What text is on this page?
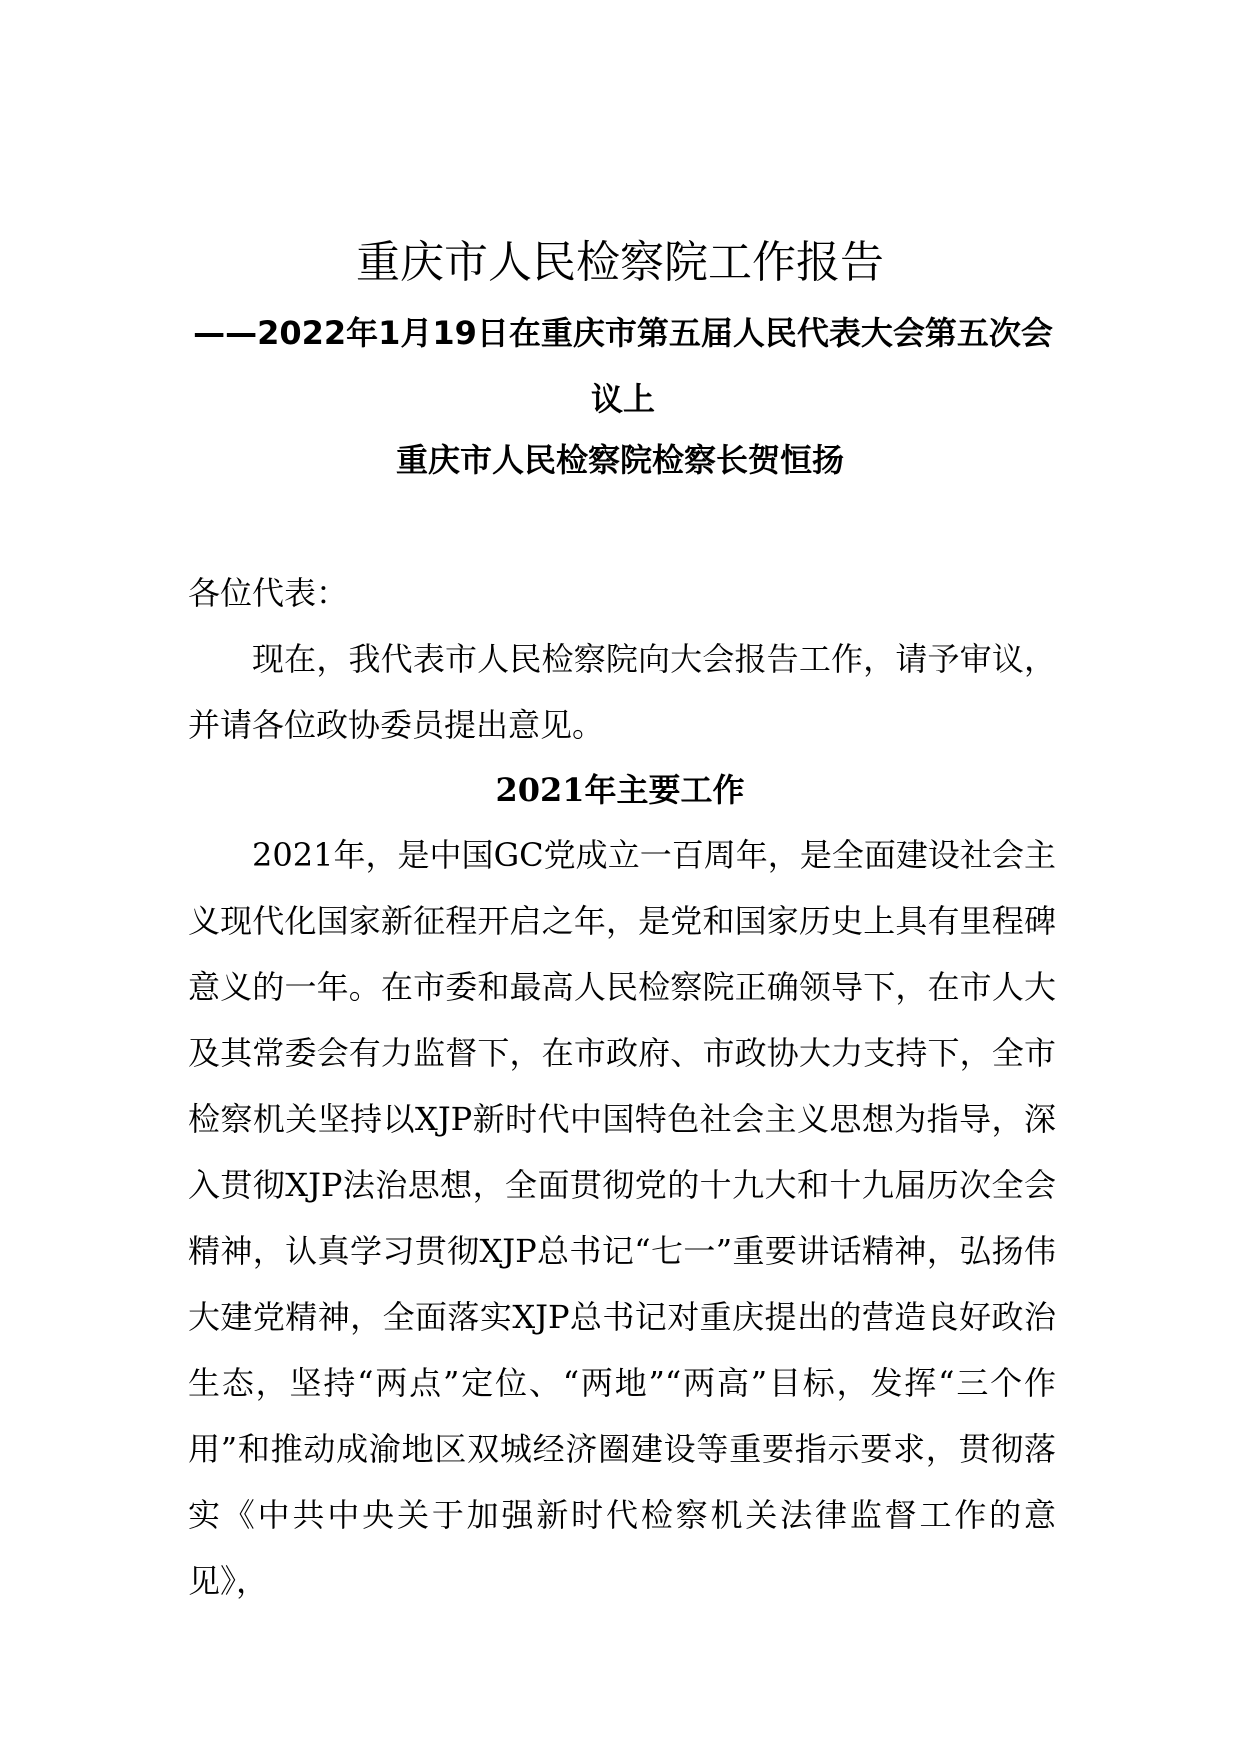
重庆市人民检察院工作报告

——2022年1月19日在重庆市第五届人民代表大会第五次会议上

重庆市人民检察院检察长贺恒扬

各位代表：

现在，我代表市人民检察院向大会报告工作，请予审议，并请各位政协委员提出意见。

2021年主要工作

2021年，是中国GC党成立一百周年，是全面建设社会主义现代化国家新征程开启之年，是党和国家历史上具有里程碑意义的一年。在市委和最高人民检察院正确领导下，在市人大及其常委会有力监督下，在市政府、市政协大力支持下，全市检察机关坚持以XJP新时代中国特色社会主义思想为指导，深入贯彻XJP法治思想，全面贯彻党的十九大和十九届历次全会精神，认真学习贯彻XJP总书记“七一”重要讲话精神，弘扬伟大建党精神，全面落实XJP总书记对重庆提出的营造良好政治生态，坚持“两点”定位、“两地”“两高”目标，发挥“三个作用”和推动成渝地区双城经济圈建设等重要指示要求，贯彻落实《中共中央关于加强新时代检察机关法律监督工作的意见》，
